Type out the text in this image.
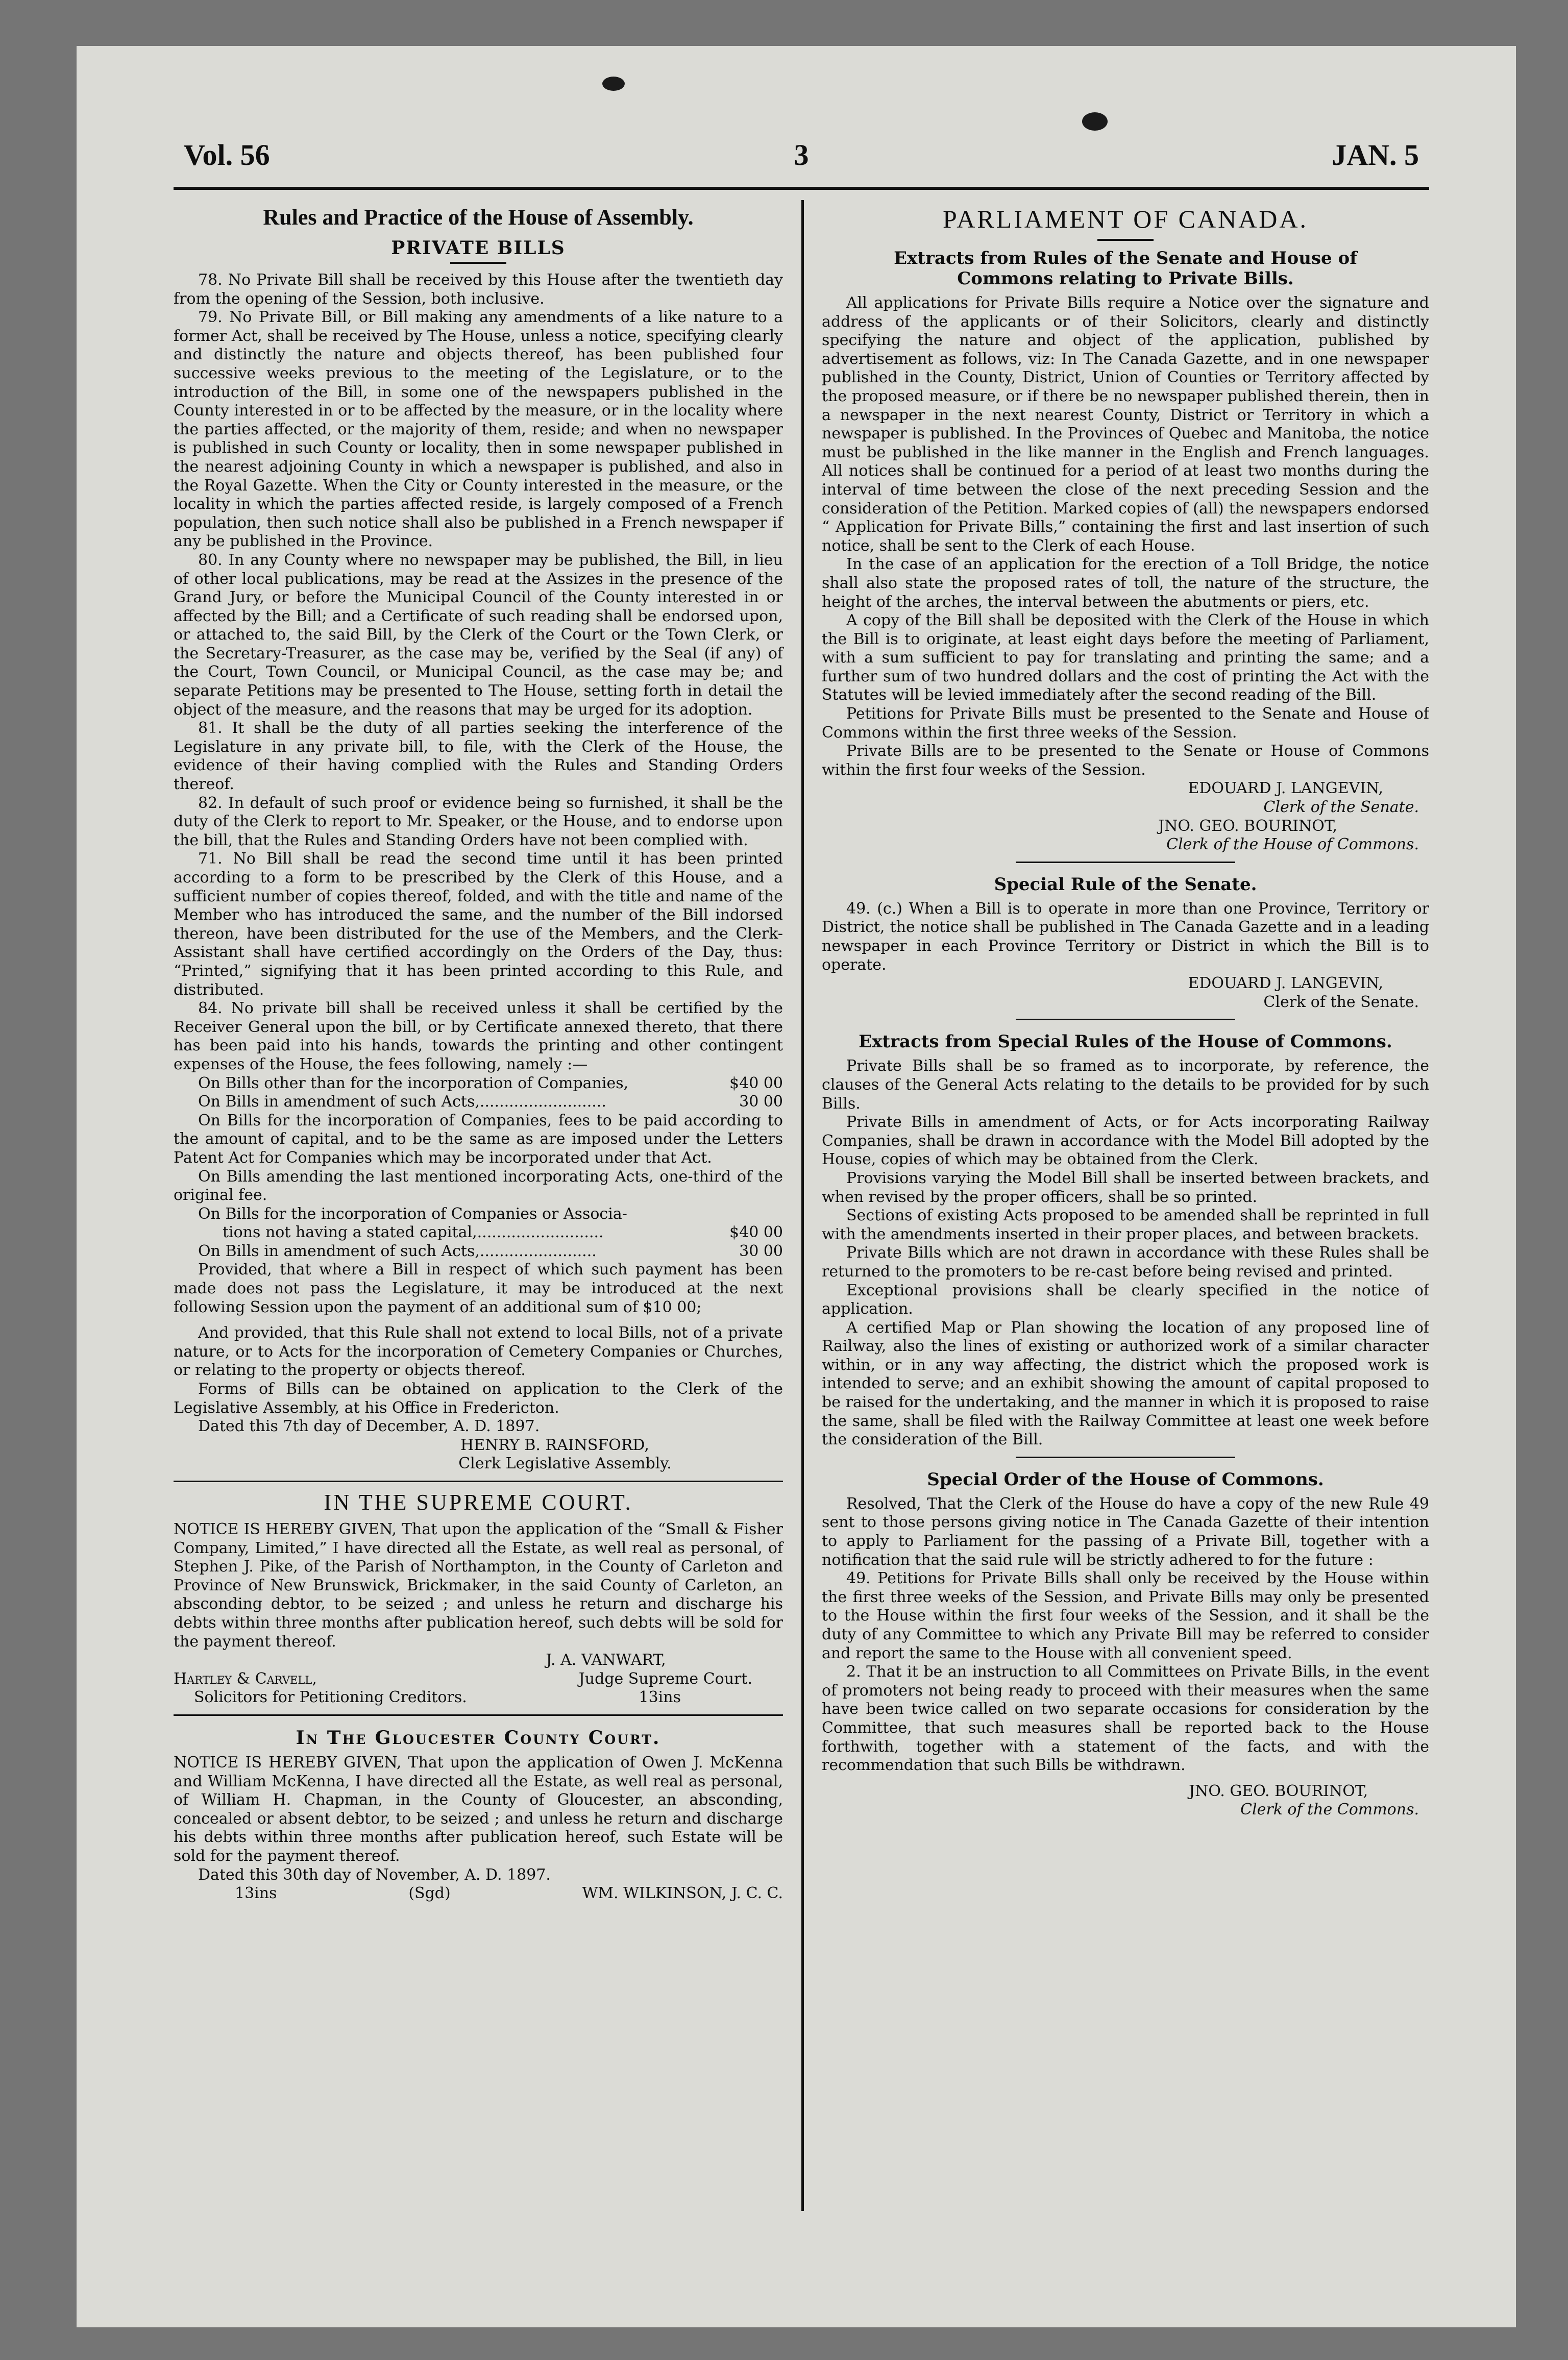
Vol. 56	3	JAN. 5
Rules and Practice of the House of Assembly.
PRIVATE BILLS

78. No Private Bill shall be received by this House after the twentieth day from the opening of the Session, both inclusive.

79. No Private Bill, or Bill making any amendments of a like nature to a former Act, shall be received by The House, unless a notice, specifying clearly and distinctly the nature and objects thereof, has been published four successive weeks previous to the meeting of the Legislature, or to the introduction of the Bill, in some one of the newspapers published in the County interested in or to be affected by the measure, or in the locality where the parties affected, or the majority of them, reside; and when no newspaper is published in such County or locality, then in some newspaper published in the nearest adjoining County in which a newspaper is published, and also in the Royal Gazette. When the City or County interested in the measure, or the locality in which the parties affected reside, is largely composed of a French population, then such notice shall also be published in a French newspaper if any be published in the Province.

80. In any County where no newspaper may be published, the Bill, in lieu of other local publications, may be read at the Assizes in the presence of the Grand Jury, or before the Municipal Council of the County interested in or affected by the Bill; and a Certificate of such reading shall be endorsed upon, or attached to, the said Bill, by the Clerk of the Court or the Town Clerk, or the Secretary-Treasurer, as the case may be, verified by the Seal (if any) of the Court, Town Council, or Municipal Council, as the case may be; and separate Petitions may be presented to The House, setting forth in detail the object of the measure, and the reasons that may be urged for its adoption.

81. It shall be the duty of all parties seeking the interference of the Legislature in any private bill, to file, with the Clerk of the House, the evidence of their having complied with the Rules and Standing Orders thereof.

82. In default of such proof or evidence being so furnished, it shall be the duty of the Clerk to report to Mr. Speaker, or the House, and to endorse upon the bill, that the Rules and Standing Orders have not been complied with.

71. No Bill shall be read the second time until it has been printed according to a form to be prescribed by the Clerk of this House, and a sufficient number of copies thereof, folded, and with the title and name of the Member who has introduced the same, and the number of the Bill indorsed thereon, have been distributed for the use of the Members, and the Clerk-Assistant shall have certified accordingly on the Orders of the Day, thus: “Printed,” signifying that it has been printed according to this Rule, and distributed.

84. No private bill shall be received unless it shall be certified by the Receiver General upon the bill, or by Certificate annexed thereto, that there has been paid into his hands, towards the printing and other contingent expenses of the House, the fees following, namely :—

On Bills other than for the incorporation of Companies,	$40 00
On Bills in amendment of such Acts,..........................	30 00

On Bills for the incorporation of Companies, fees to be paid according to the amount of capital, and to be the same as are imposed under the Letters Patent Act for Companies which may be incorporated under that Act.

On Bills amending the last mentioned incorporating Acts, one-third of the original fee.

On Bills for the incorporation of Companies or Associa-

tions not having a stated capital,..........................	$40 00
On Bills in amendment of such Acts,........................	30 00

Provided, that where a Bill in respect of which such payment has been made does not pass the Legislature, it may be introduced at the next following Session upon the payment of an additional sum of $10 00;

And provided, that this Rule shall not extend to local Bills, not of a private nature, or to Acts for the incorporation of Cemetery Companies or Churches, or relating to the property or objects thereof.

Forms of Bills can be obtained on application to the Clerk of the Legislative Assembly, at his Office in Fredericton.

Dated this 7th day of December, A. D. 1897.

HENRY B. RAINSFORD,
Clerk Legislative Assembly.
IN THE SUPREME COURT.

NOTICE IS HEREBY GIVEN, That upon the application of the “Small & Fisher Company, Limited,” I have directed all the Estate, as well real as personal, of Stephen J. Pike, of the Parish of Northampton, in the County of Carleton and Province of New Brunswick, Brickmaker, in the said County of Carleton, an absconding debtor, to be seized ; and unless he return and discharge his debts within three months after publication hereof, such debts will be sold for the payment thereof.

J. A. VANWART,
Hartley & Carvell,	Judge Supreme Court.
Solicitors for Petitioning Creditors.	13ins
In The Gloucester County Court.

NOTICE IS HEREBY GIVEN, That upon the application of Owen J. McKenna and William McKenna, I have directed all the Estate, as well real as personal, of William H. Chapman, in the County of Gloucester, an absconding, concealed or absent debtor, to be seized ; and unless he return and discharge his debts within three months after publication hereof, such Estate will be sold for the payment thereof.

Dated this 30th day of November, A. D. 1897.

13ins	(Sgd)	WM. WILKINSON, J. C. C.
PARLIAMENT OF CANADA.
Extracts from Rules of the Senate and House of Commons relating to Private Bills.

All applications for Private Bills require a Notice over the signature and address of the applicants or of their Solicitors, clearly and distinctly specifying the nature and object of the application, published by advertisement as follows, viz: In The Canada Gazette, and in one newspaper published in the County, District, Union of Counties or Territory affected by the proposed measure, or if there be no newspaper published therein, then in a newspaper in the next nearest County, District or Territory in which a newspaper is published. In the Provinces of Quebec and Manitoba, the notice must be published in the like manner in the English and French languages. All notices shall be continued for a period of at least two months during the interval of time between the close of the next preceding Session and the consideration of the Petition. Marked copies of (all) the newspapers endorsed “ Application for Private Bills,” containing the first and last insertion of such notice, shall be sent to the Clerk of each House.

In the case of an application for the erection of a Toll Bridge, the notice shall also state the proposed rates of toll, the nature of the structure, the height of the arches, the interval between the abutments or piers, etc.

A copy of the Bill shall be deposited with the Clerk of the House in which the Bill is to originate, at least eight days before the meeting of Parliament, with a sum sufficient to pay for translating and printing the same; and a further sum of two hundred dollars and the cost of printing the Act with the Statutes will be levied immediately after the second reading of the Bill.

Petitions for Private Bills must be presented to the Senate and House of Commons within the first three weeks of the Session.

Private Bills are to be presented to the Senate or House of Commons within the first four weeks of the Session.

EDOUARD J. LANGEVIN,
Clerk of the Senate.
JNO. GEO. BOURINOT,
Clerk of the House of Commons.
Special Rule of the Senate.

49. (c.) When a Bill is to operate in more than one Province, Territory or District, the notice shall be published in The Canada Gazette and in a leading newspaper in each Province Territory or District in which the Bill is to operate.

EDOUARD J. LANGEVIN,
Clerk of the Senate.
Extracts from Special Rules of the House of Commons.

Private Bills shall be so framed as to incorporate, by reference, the clauses of the General Acts relating to the details to be provided for by such Bills.

Private Bills in amendment of Acts, or for Acts incorporating Railway Companies, shall be drawn in accordance with the Model Bill adopted by the House, copies of which may be obtained from the Clerk.

Provisions varying the Model Bill shall be inserted between brackets, and when revised by the proper officers, shall be so printed.

Sections of existing Acts proposed to be amended shall be reprinted in full with the amendments inserted in their proper places, and between brackets.

Private Bills which are not drawn in accordance with these Rules shall be returned to the promoters to be re-cast before being revised and printed.

Exceptional provisions shall be clearly specified in the notice of application.

A certified Map or Plan showing the location of any proposed line of Railway, also the lines of existing or authorized work of a similar character within, or in any way affecting, the district which the proposed work is intended to serve; and an exhibit showing the amount of capital proposed to be raised for the undertaking, and the manner in which it is proposed to raise the same, shall be filed with the Railway Committee at least one week before the consideration of the Bill.

Special Order of the House of Commons.

Resolved, That the Clerk of the House do have a copy of the new Rule 49 sent to those persons giving notice in The Canada Gazette of their intention to apply to Parliament for the passing of a Private Bill, together with a notification that the said rule will be strictly adhered to for the future :

49. Petitions for Private Bills shall only be received by the House within the first three weeks of the Session, and Private Bills may only be presented to the House within the first four weeks of the Session, and it shall be the duty of any Committee to which any Private Bill may be referred to consider and report the same to the House with all convenient speed.

2. That it be an instruction to all Committees on Private Bills, in the event of promoters not being ready to proceed with their measures when the same have been twice called on two separate occasions for consideration by the Committee, that such measures shall be reported back to the House forthwith, together with a statement of the facts, and with the recommendation that such Bills be withdrawn.

JNO. GEO. BOURINOT,
Clerk of the Commons.
